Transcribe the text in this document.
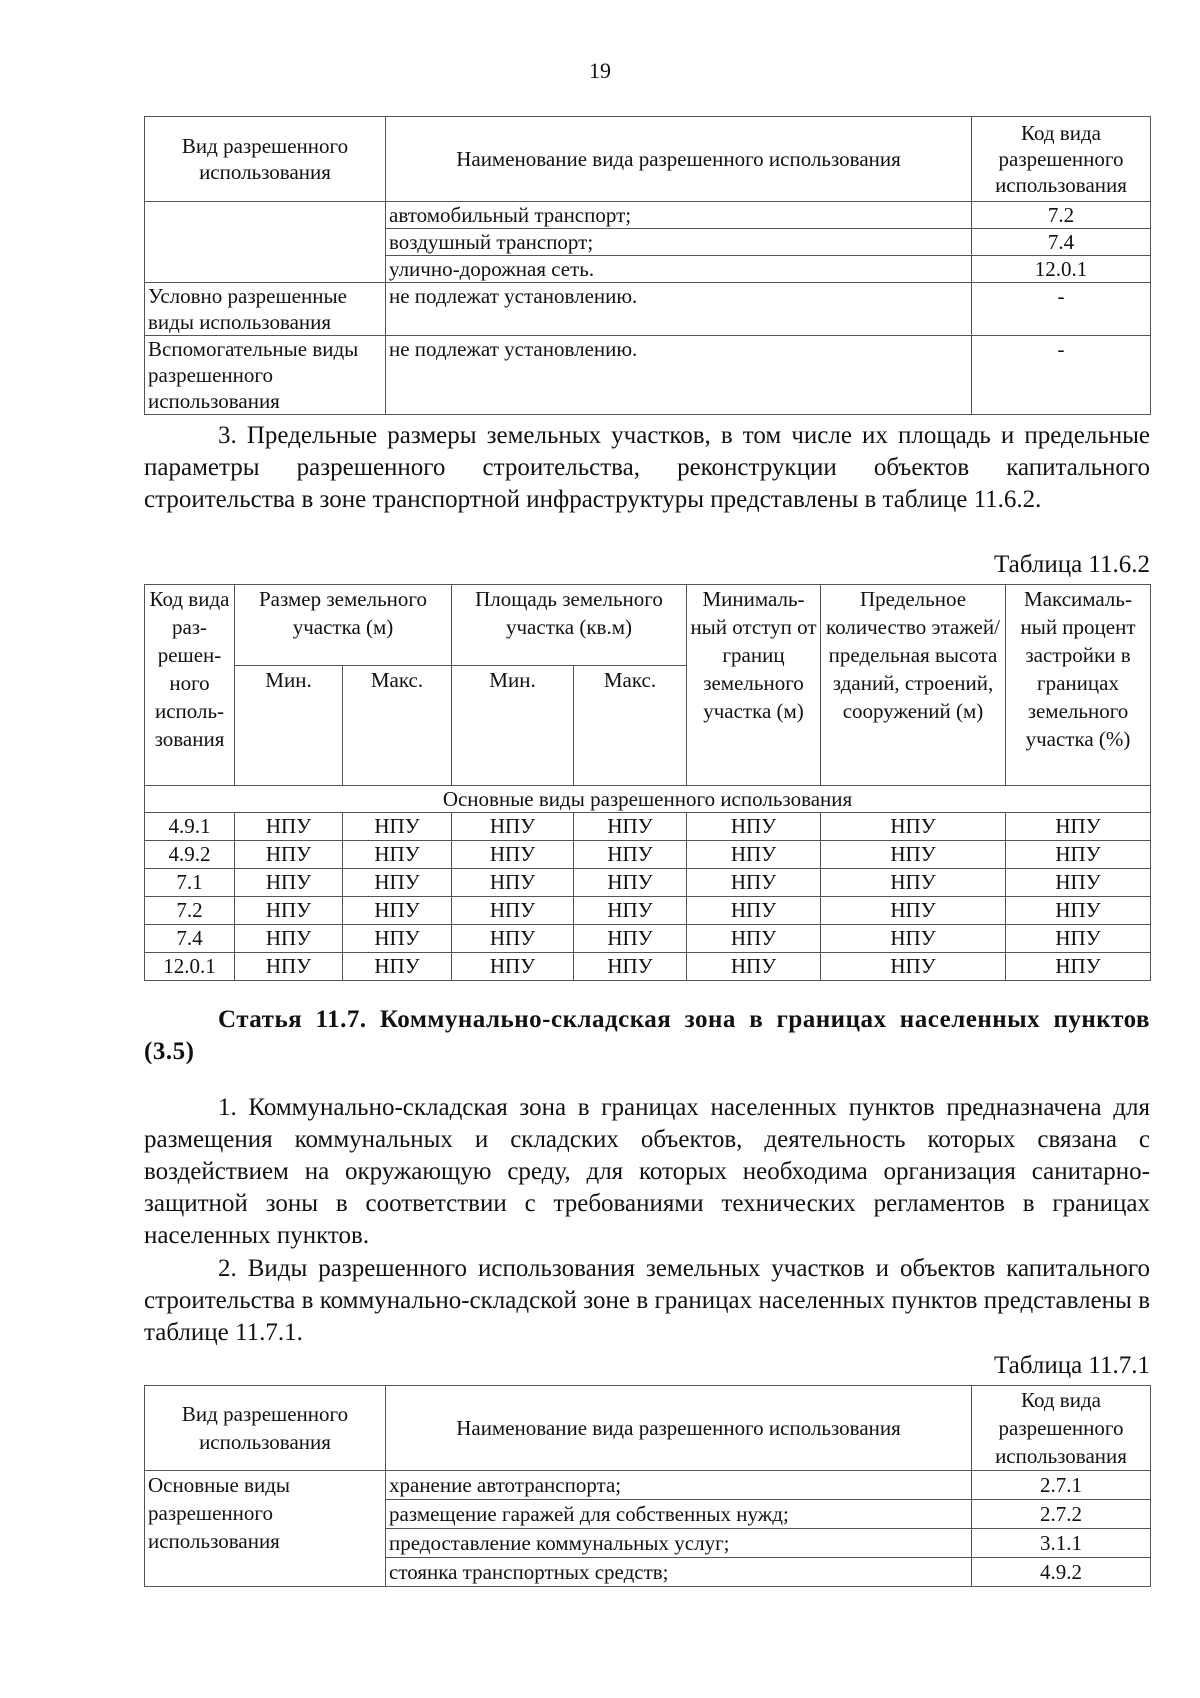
19
Вид разрешенного использования	Наименование вида разрешенного использования	Код вида разрешенного использования
	автомобильный транспорт;	7.2
	воздушный транспорт;	7.4
	улично-дорожная сеть.	12.0.1
Условно разрешенные виды использования	не подлежат установлению.	-
Вспомогательные виды разрешенного использования	не подлежат установлению.	-

3. Предельные размеры земельных участков, в том числе их площадь и предельные параметры разрешенного строительства, реконструкции объектов капитального строительства в зоне транспортной инфраструктуры представлены в таблице 11.6.2.

Таблица 11.6.2
Код вида раз-решен-ного исполь-зования	Размер земельного участка (м)		Площадь земельного участка (кв.м)		Минималь-ный отступ от границ земельного участка (м)	Предельное количество этажей/ предельная высота зданий, строений, сооружений (м)	Максималь-ный процент застройки в границах земельного участка (%)
	Мин.	Макс.	Мин.	Макс.			
Основные виды разрешенного использования							
4.9.1	НПУ	НПУ	НПУ	НПУ	НПУ	НПУ	НПУ
4.9.2	НПУ	НПУ	НПУ	НПУ	НПУ	НПУ	НПУ
7.1	НПУ	НПУ	НПУ	НПУ	НПУ	НПУ	НПУ
7.2	НПУ	НПУ	НПУ	НПУ	НПУ	НПУ	НПУ
7.4	НПУ	НПУ	НПУ	НПУ	НПУ	НПУ	НПУ
12.0.1	НПУ	НПУ	НПУ	НПУ	НПУ	НПУ	НПУ

Статья 11.7. Коммунально-складская зона в границах населенных пунктов (3.5)

1. Коммунально-складская зона в границах населенных пунктов предназначена для размещения коммунальных и складских объектов, деятельность которых связана с воздействием на окружающую среду, для которых необходима организация санитарно-защитной зоны в соответствии с требованиями технических регламентов в границах населенных пунктов.

2. Виды разрешенного использования земельных участков и объектов капитального строительства в коммунально-складской зоне в границах населенных пунктов представлены в таблице 11.7.1.

Таблица 11.7.1
Вид разрешенного использования	Наименование вида разрешенного использования	Код вида разрешенного использования
Основные виды разрешенного использования	хранение автотранспорта;	2.7.1
	размещение гаражей для собственных нужд;	2.7.2
	предоставление коммунальных услуг;	3.1.1
	стоянка транспортных средств;	4.9.2
